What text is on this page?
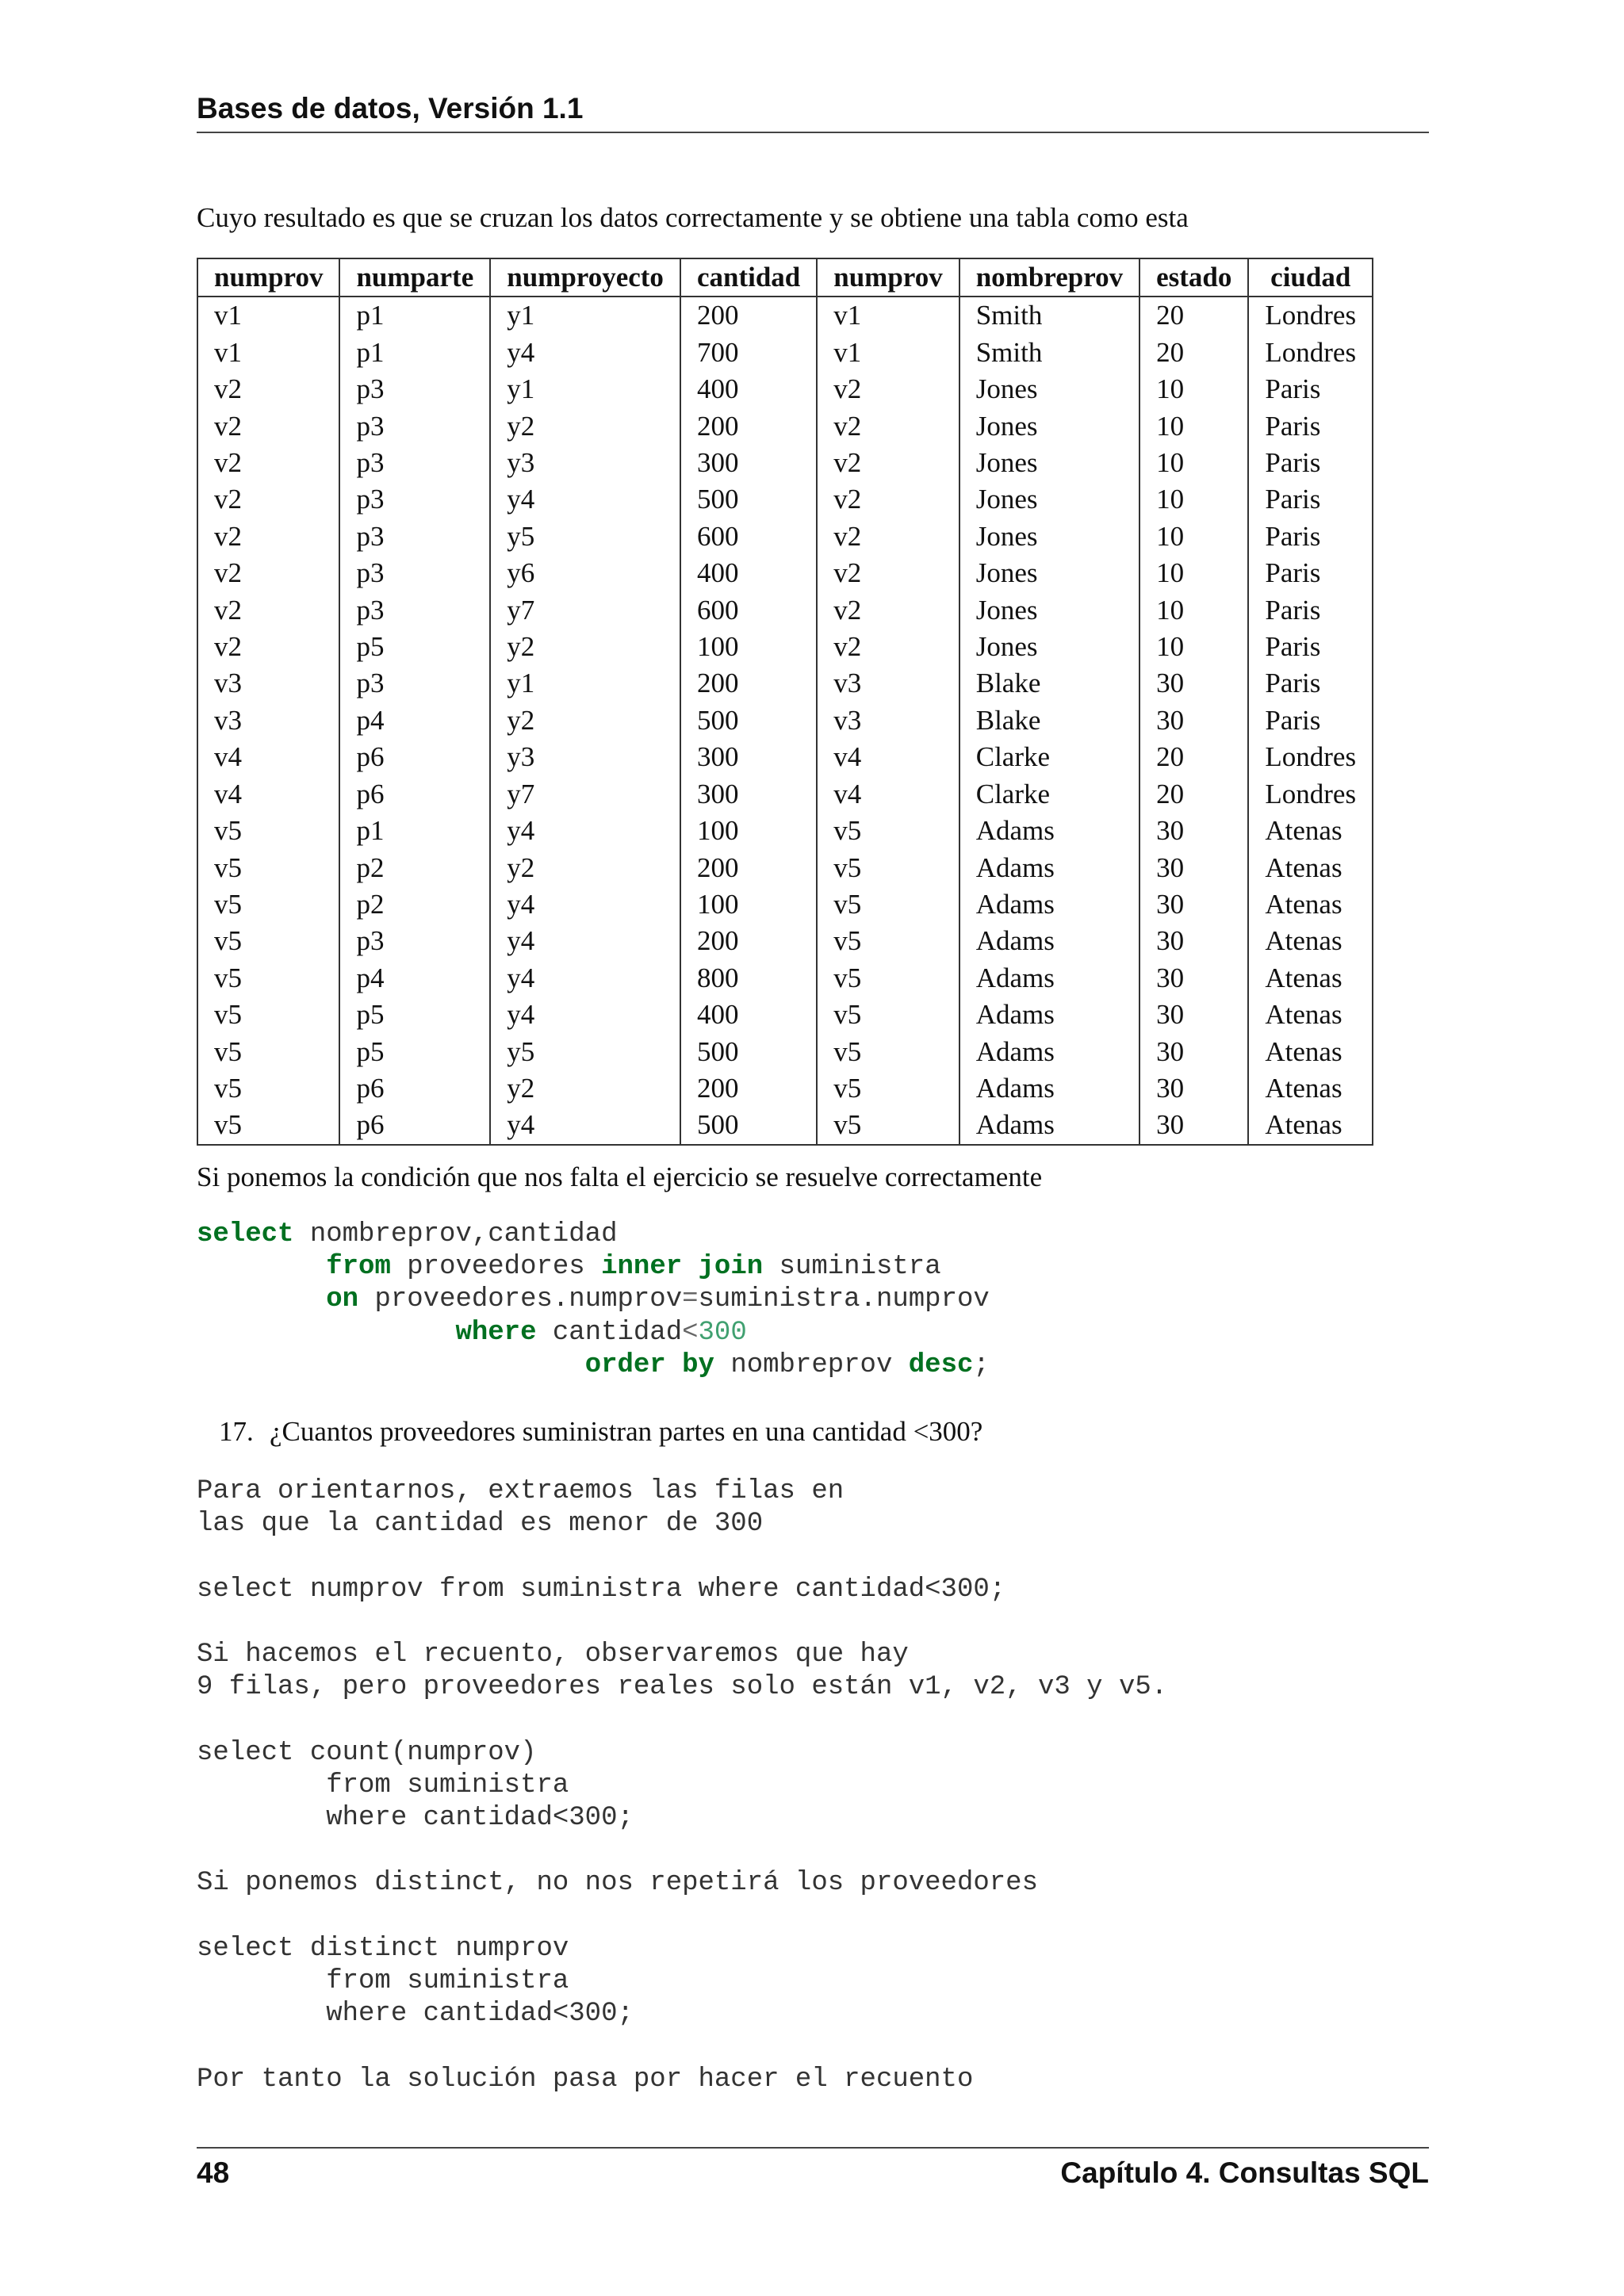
Bases de datos, Versión 1.1
Cuyo resultado es que se cruzan los datos correctamente y se obtiene una tabla como esta
numprov	numparte	numproyecto	cantidad	numprov	nombreprov	estado	ciudad
v1	p1	y1	200	v1	Smith	20	Londres
v1	p1	y4	700	v1	Smith	20	Londres
v2	p3	y1	400	v2	Jones	10	Paris
v2	p3	y2	200	v2	Jones	10	Paris
v2	p3	y3	300	v2	Jones	10	Paris
v2	p3	y4	500	v2	Jones	10	Paris
v2	p3	y5	600	v2	Jones	10	Paris
v2	p3	y6	400	v2	Jones	10	Paris
v2	p3	y7	600	v2	Jones	10	Paris
v2	p5	y2	100	v2	Jones	10	Paris
v3	p3	y1	200	v3	Blake	30	Paris
v3	p4	y2	500	v3	Blake	30	Paris
v4	p6	y3	300	v4	Clarke	20	Londres
v4	p6	y7	300	v4	Clarke	20	Londres
v5	p1	y4	100	v5	Adams	30	Atenas
v5	p2	y2	200	v5	Adams	30	Atenas
v5	p2	y4	100	v5	Adams	30	Atenas
v5	p3	y4	200	v5	Adams	30	Atenas
v5	p4	y4	800	v5	Adams	30	Atenas
v5	p5	y4	400	v5	Adams	30	Atenas
v5	p5	y5	500	v5	Adams	30	Atenas
v5	p6	y2	200	v5	Adams	30	Atenas
v5	p6	y4	500	v5	Adams	30	Atenas
Si ponemos la condición que nos falta el ejercicio se resuelve correctamente
select nombreprov,cantidad
from proveedores inner join suministra
on proveedores.numprov=suministra.numprov
where cantidad<300
order by nombreprov desc;
17. ¿Cuantos proveedores suministran partes en una cantidad <300?
Para orientarnos, extraemos las filas en
las que la cantidad es menor de 300

select numprov from suministra where cantidad<300;

Si hacemos el recuento, observaremos que hay
9 filas, pero proveedores reales solo están v1, v2, v3 y v5.

select count(numprov)
from suministra
where cantidad<300;

Si ponemos distinct, no nos repetirá los proveedores

select distinct numprov
from suministra
where cantidad<300;

Por tanto la solución pasa por hacer el recuento
48	Capítulo 4. Consultas SQL
